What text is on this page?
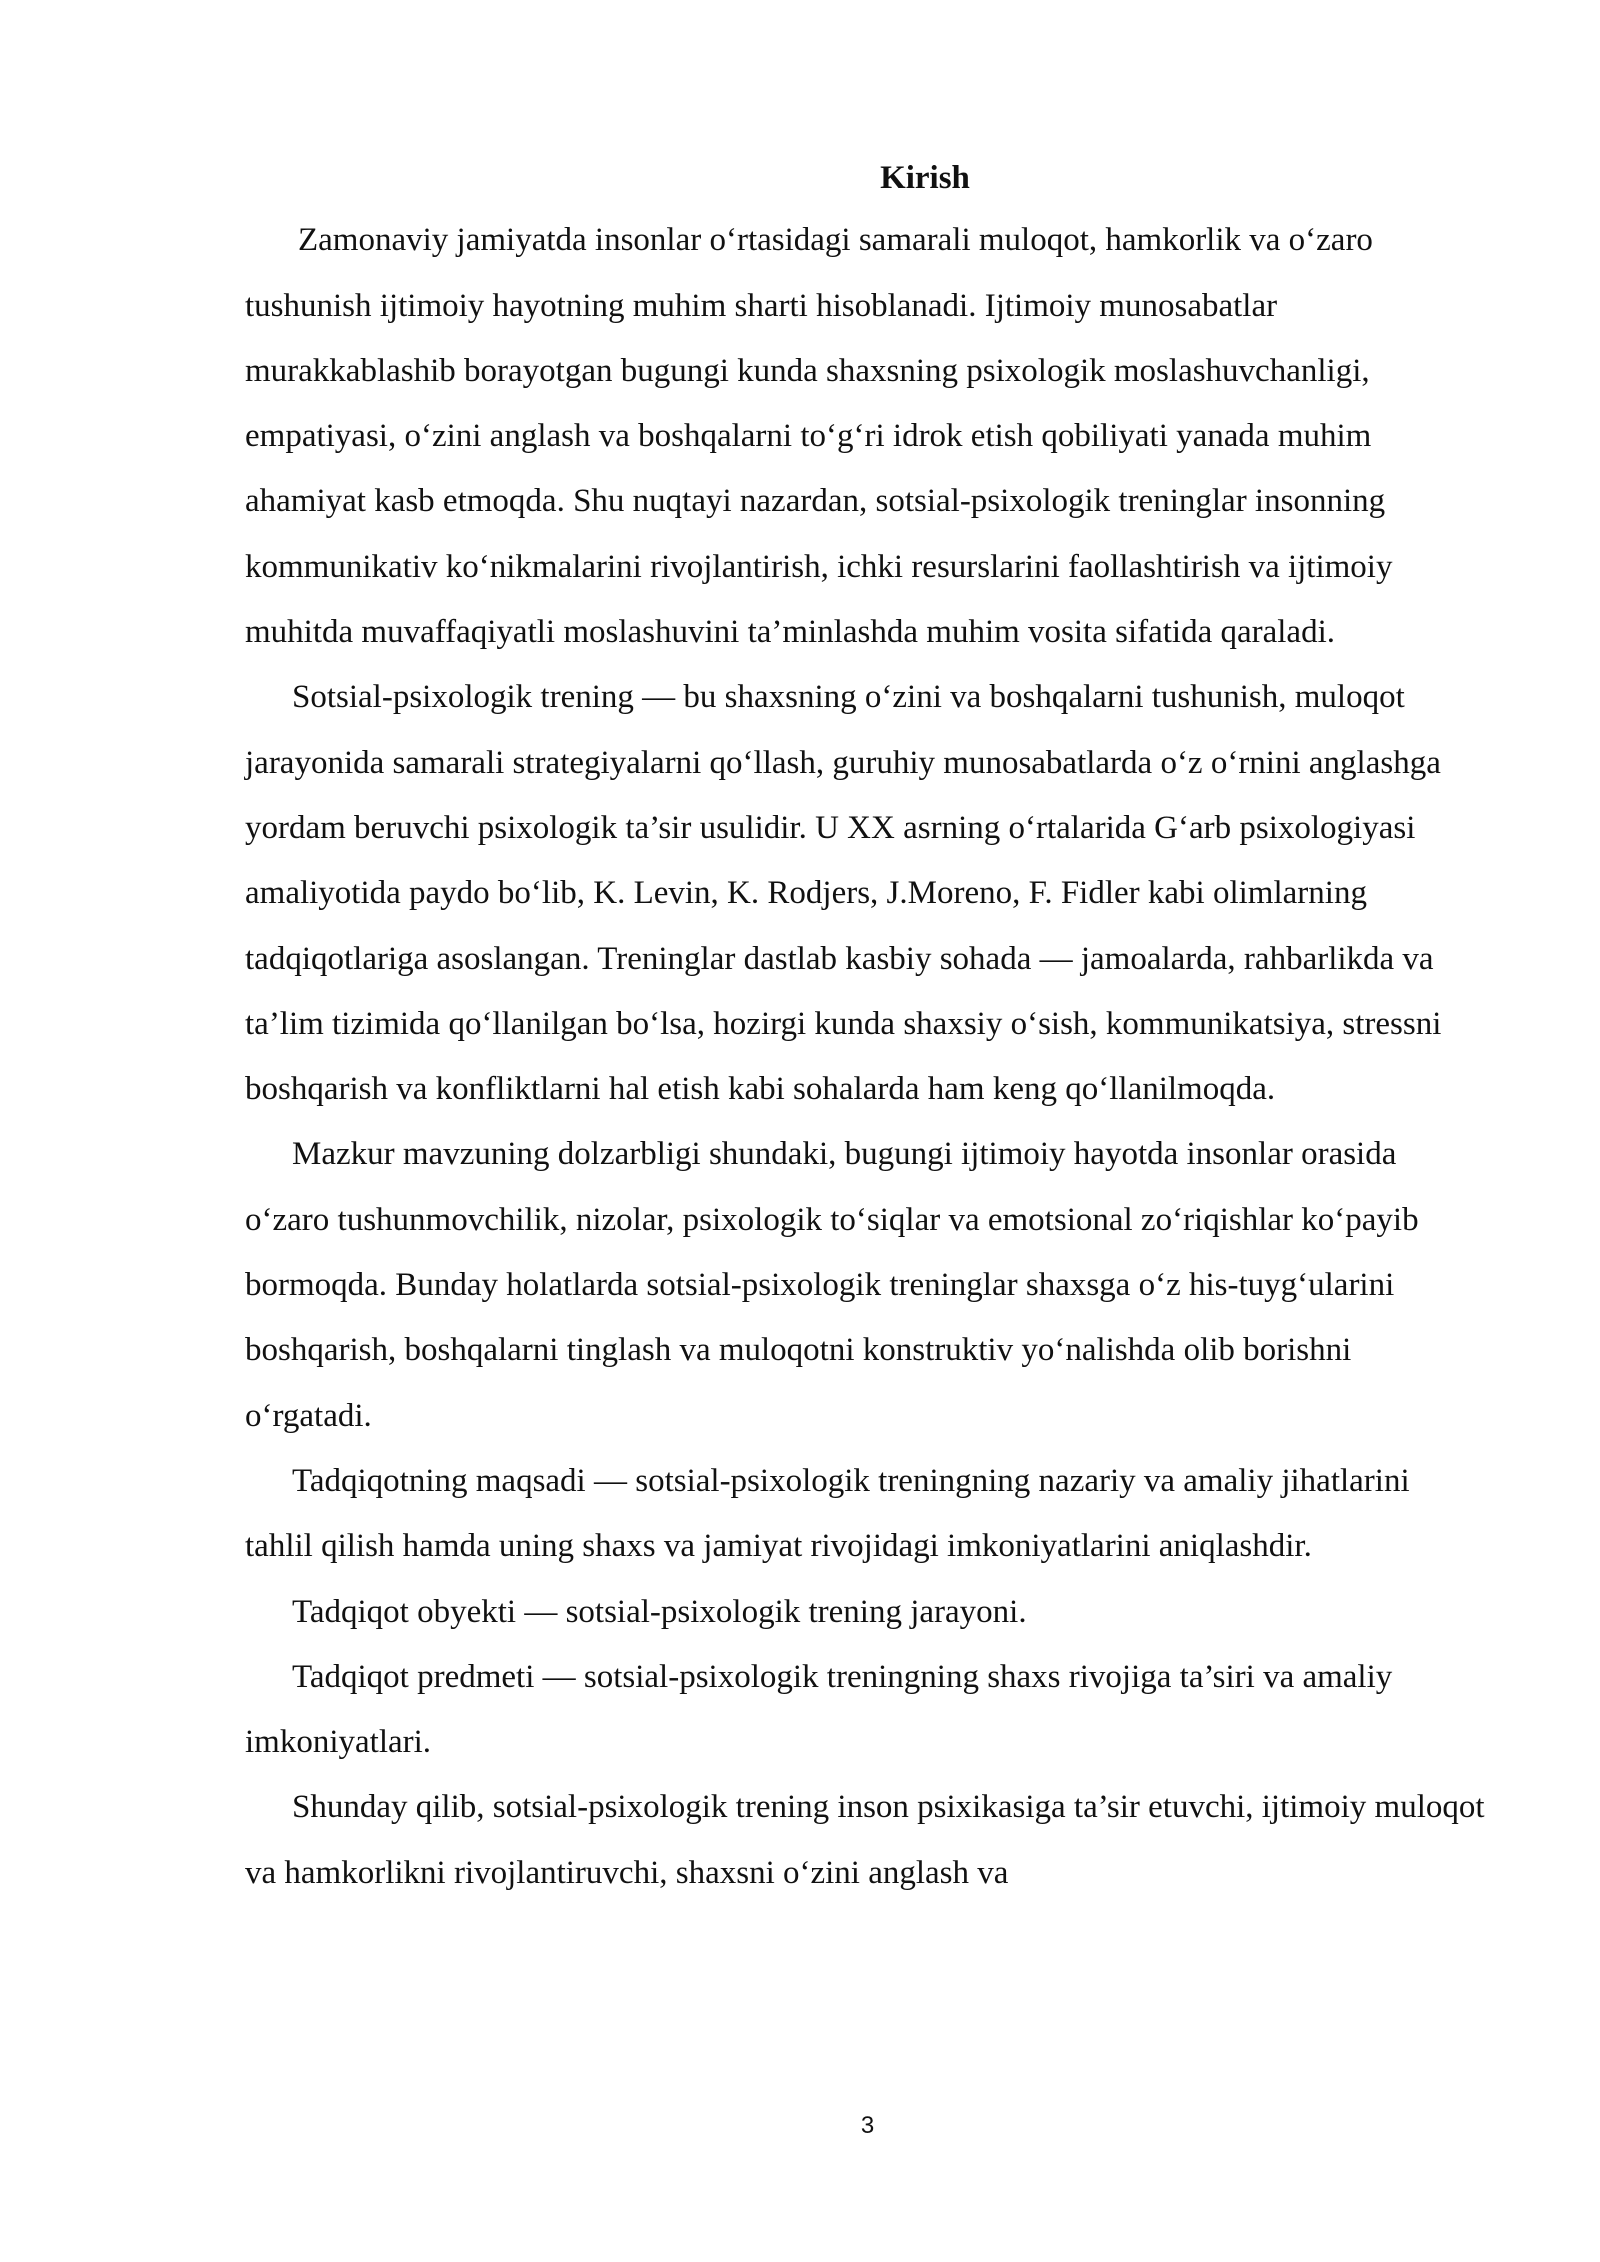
Kirish

Zamonaviy jamiyatda insonlar o‘rtasidagi samarali muloqot, hamkorlik va o‘zaro tushunish ijtimoiy hayotning muhim sharti hisoblanadi. Ijtimoiy munosabatlar murakkablashib borayotgan bugungi kunda shaxsning psixologik moslashuvchanligi, empatiyasi, o‘zini anglash va boshqalarni to‘g‘ri idrok etish qobiliyati yanada muhim ahamiyat kasb etmoqda. Shu nuqtayi nazardan, sotsial-psixologik treninglar insonning kommunikativ ko‘nikmalarini rivojlantirish, ichki resurslarini faollashtirish va ijtimoiy muhitda muvaffaqiyatli moslashuvini ta’minlashda muhim vosita sifatida qaraladi.

Sotsial-psixologik trening — bu shaxsning o‘zini va boshqalarni tushunish, muloqot jarayonida samarali strategiyalarni qo‘llash, guruhiy munosabatlarda o‘z o‘rnini anglashga yordam beruvchi psixologik ta’sir usulidir. U XX asrning o‘rtalarida G‘arb psixologiyasi amaliyotida paydo bo‘lib, K. Levin, K. Rodjers, J.Moreno, F. Fidler kabi olimlarning tadqiqotlariga asoslangan. Treninglar dastlab kasbiy sohada — jamoalarda, rahbarlikda va ta’lim tizimida qo‘llanilgan bo‘lsa, hozirgi kunda shaxsiy o‘sish, kommunikatsiya, stressni boshqarish va konfliktlarni hal etish kabi sohalarda ham keng qo‘llanilmoqda.

Mazkur mavzuning dolzarbligi shundaki, bugungi ijtimoiy hayotda insonlar orasida o‘zaro tushunmovchilik, nizolar, psixologik to‘siqlar va emotsional zo‘riqishlar ko‘payib bormoqda. Bunday holatlarda sotsial-psixologik treninglar shaxsga o‘z his-tuyg‘ularini boshqarish, boshqalarni tinglash va muloqotni konstruktiv yo‘nalishda olib borishni o‘rgatadi.

Tadqiqotning maqsadi — sotsial-psixologik treningning nazariy va amaliy jihatlarini tahlil qilish hamda uning shaxs va jamiyat rivojidagi imkoniyatlarini aniqlashdir.

Tadqiqot obyekti — sotsial-psixologik trening jarayoni.

Tadqiqot predmeti — sotsial-psixologik treningning shaxs rivojiga ta’siri va amaliy imkoniyatlari.

Shunday qilib, sotsial-psixologik trening inson psixikasiga ta’sir etuvchi, ijtimoiy muloqot va hamkorlikni rivojlantiruvchi, shaxsni o‘zini anglash va

3
